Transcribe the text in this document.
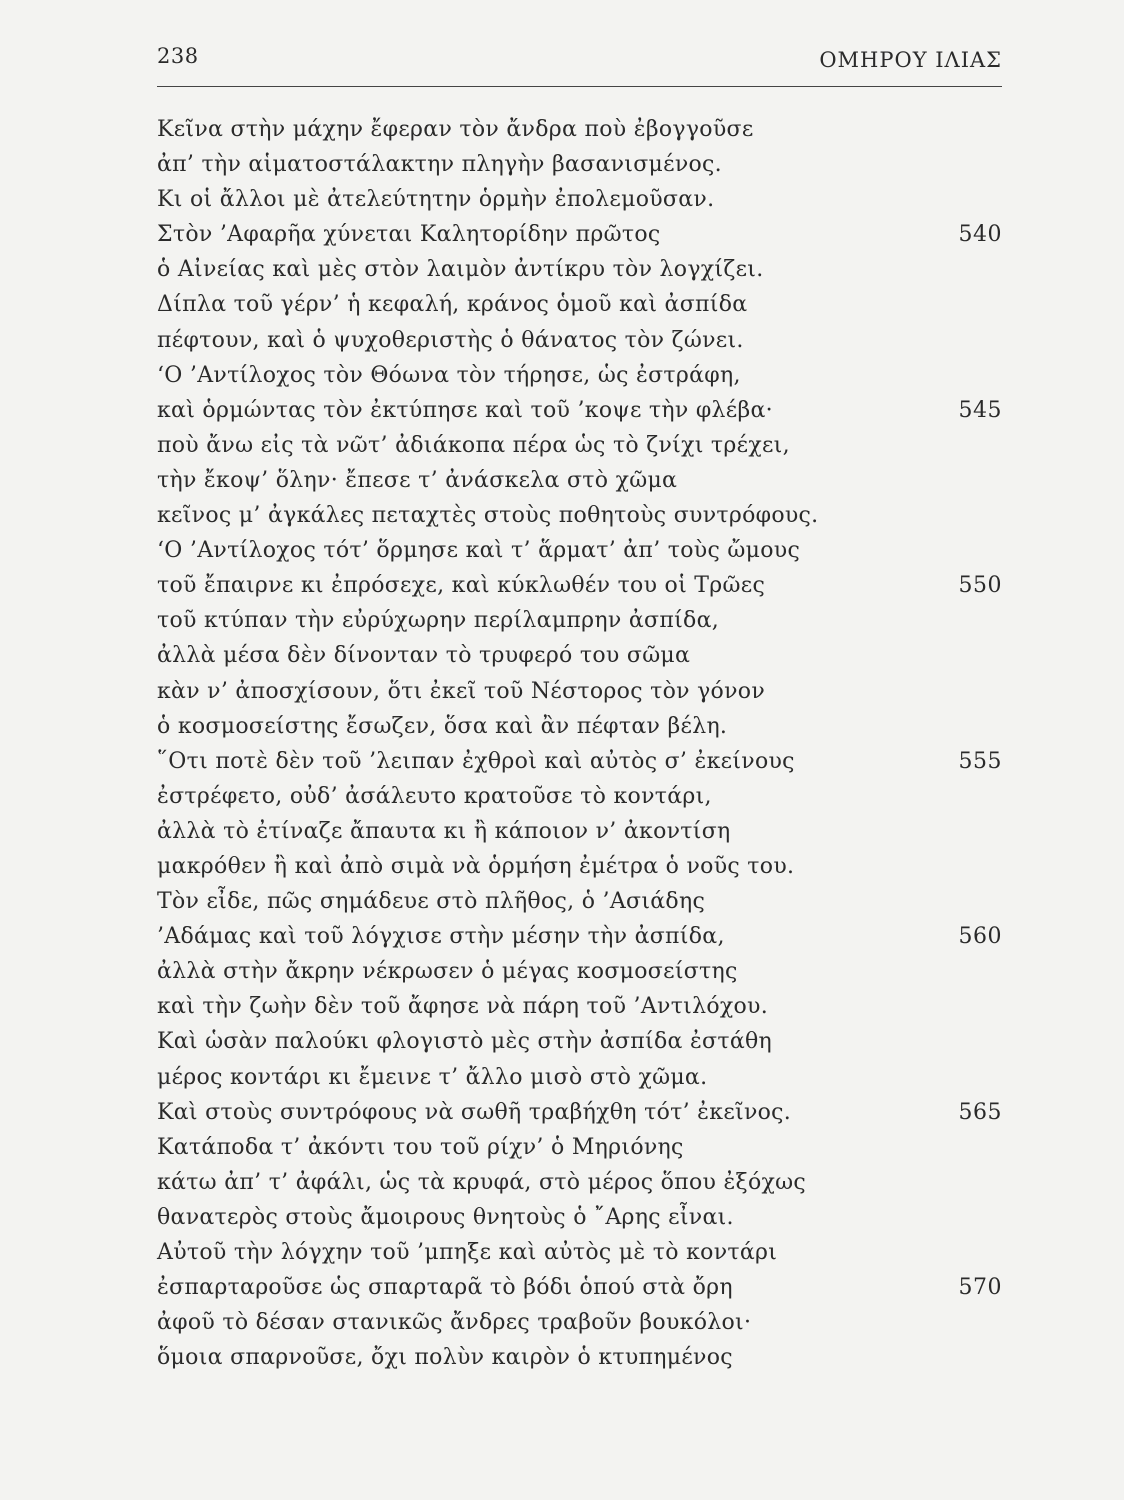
238	ΟΜΗΡΟΥ ΙΛΙΑΣ
Κεῖνα στὴν μάχην ἔφεραν τὸν ἄνδρα ποὺ ἐβογγοῦσε
ἀπ’ τὴν αἱματοστάλακτην πληγὴν βασανισμένος.
Κι οἱ ἄλλοι μὲ ἀτελεύτητην ὁρμὴν ἐπολεμοῦσαν.
Στὸν ’Αφαρῆα χύνεται Καλητορίδην πρῶτος	540
ὁ Αἰνείας καὶ μὲς στὸν λαιμὸν ἀντίκρυ τὸν λογχίζει.
Δίπλα τοῦ γέρν’ ἡ κεφαλή, κράνος ὁμοῦ καὶ ἀσπίδα
πέφτουν, καὶ ὁ ψυχοθεριστὴς ὁ θάνατος τὸν ζώνει.
‘Ο ’Αντίλοχος τὸν Θόωνα τὸν τήρησε, ὡς ἐστράφη,
καὶ ὁρμώντας τὸν ἐκτύπησε καὶ τοῦ ’κοψε τὴν φλέβα·	545
ποὺ ἄνω εἰς τὰ νῶτ’ ἀδιάκοπα πέρα ὡς τὸ ζνίχι τρέχει,
τὴν ἔκοψ’ ὅλην· ἔπεσε τ’ ἀνάσκελα στὸ χῶμα
κεῖνος μ’ ἀγκάλες πεταχτὲς στοὺς ποθητοὺς συντρόφους.
‘Ο ’Αντίλοχος τότ’ ὅρμησε καὶ τ’ ἅρματ’ ἀπ’ τοὺς ὤμους
τοῦ ἔπαιρνε κι ἐπρόσεχε, καὶ κύκλωθέν του οἱ Τρῶες	550
τοῦ κτύπαν τὴν εὐρύχωρην περίλαμπρην ἀσπίδα,
ἀλλὰ μέσα δὲν δίνονταν τὸ τρυφερό του σῶμα
κὰν ν’ ἀποσχίσουν, ὅτι ἐκεῖ τοῦ Νέστορος τὸν γόνον
ὁ κοσμοσείστης ἔσωζεν, ὅσα καὶ ἂν πέφταν βέλη.
῞Οτι ποτὲ δὲν τοῦ ’λειπαν ἐχθροὶ καὶ αὐτὸς σ’ ἐκείνους	555
ἐστρέφετο, οὐδ’ ἀσάλευτο κρατοῦσε τὸ κοντάρι,
ἀλλὰ τὸ ἐτίναζε ἄπαυτα κι ἢ κάποιον ν’ ἀκοντίση
μακρόθεν ἢ καὶ ἀπὸ σιμὰ νὰ ὁρμήση ἐμέτρα ὁ νοῦς του.
Τὸν εἶδε, πῶς σημάδευε στὸ πλῆθος, ὁ ’Ασιάδης
’Αδάμας καὶ τοῦ λόγχισε στὴν μέσην τὴν ἀσπίδα,	560
ἀλλὰ στὴν ἄκρην νέκρωσεν ὁ μέγας κοσμοσείστης
καὶ τὴν ζωὴν δὲν τοῦ ἄφησε νὰ πάρη τοῦ ’Αντιλόχου.
Καὶ ὡσὰν παλούκι φλογιστὸ μὲς στὴν ἀσπίδα ἐστάθη
μέρος κοντάρι κι ἔμεινε τ’ ἄλλο μισὸ στὸ χῶμα.
Καὶ στοὺς συντρόφους νὰ σωθῆ τραβήχθη τότ’ ἐκεῖνος.	565
Κατάποδα τ’ ἀκόντι του τοῦ ρίχν’ ὁ Μηριόνης
κάτω ἀπ’ τ’ ἀφάλι, ὡς τὰ κρυφά, στὸ μέρος ὅπου ἐξόχως
θανατερὸς στοὺς ἄμοιρους θνητοὺς ὁ ῎Αρης εἶναι.
Αὐτοῦ τὴν λόγχην τοῦ ’μπηξε καὶ αὐτὸς μὲ τὸ κοντάρι
ἐσπαρταροῦσε ὡς σπαρταρᾶ τὸ βόδι ὁπού στὰ ὄρη	570
ἀφοῦ τὸ δέσαν στανικῶς ἄνδρες τραβοῦν βουκόλοι·
ὅμοια σπαρνοῦσε, ὄχι πολὺν καιρὸν ὁ κτυπημένος
